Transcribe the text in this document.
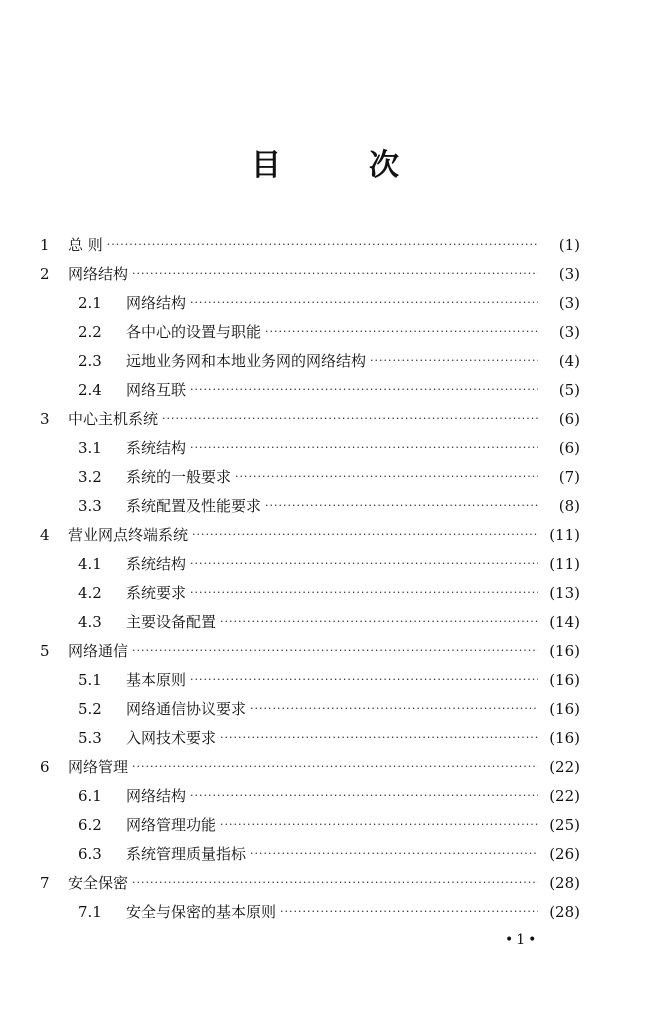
目	次
1	总 则 ·····	(1)
2	网络结构 ·····	(3)
2.1	网络结构 ·····	(3)
2.2	各中心的设置与职能 ·····	(3)
2.3	远地业务网和本地业务网的网络结构 ·····	(4)
2.4	网络互联 ·····	(5)
3	中心主机系统 ·····	(6)
3.1	系统结构 ·····	(6)
3.2	系统的一般要求 ·····	(7)
3.3	系统配置及性能要求 ·····	(8)
4	营业网点终端系统 ·····	(11)
4.1	系统结构 ·····	(11)
4.2	系统要求 ·····	(13)
4.3	主要设备配置 ·····	(14)
5	网络通信 ·····	(16)
5.1	基本原则 ·····	(16)
5.2	网络通信协议要求 ·····	(16)
5.3	入网技术要求 ·····	(16)
6	网络管理 ·····	(22)
6.1	网络结构 ·····	(22)
6.2	网络管理功能 ·····	(25)
6.3	系统管理质量指标 ·····	(26)
7	安全保密 ·····	(28)
7.1	安全与保密的基本原则 ·····	(28)
•1•
